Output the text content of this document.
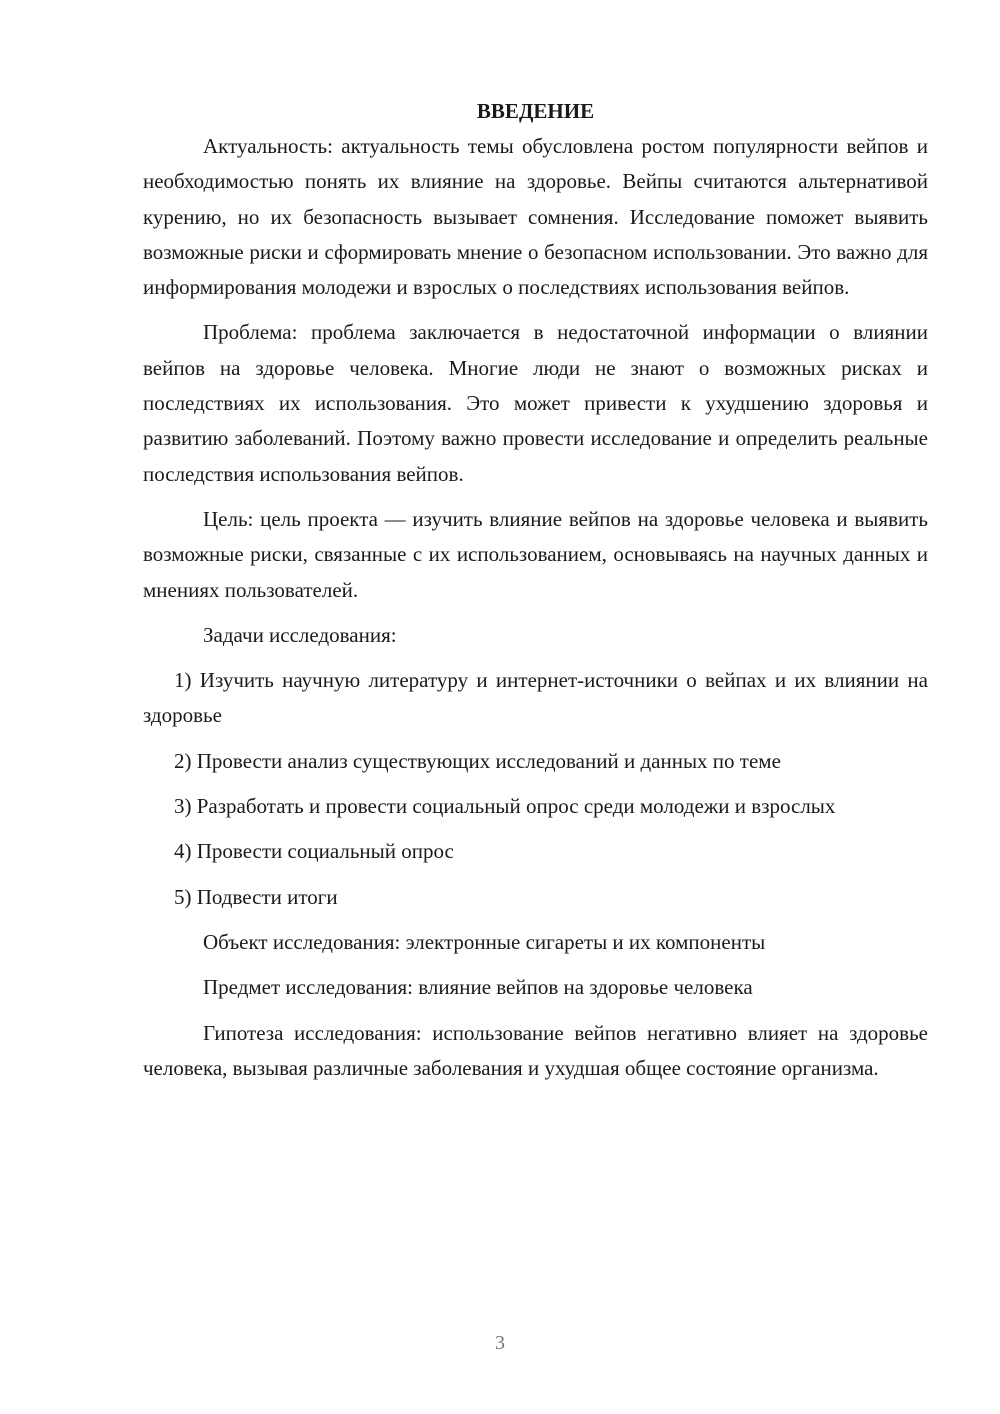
ВВЕДЕНИЕ

Актуальность: актуальность темы обусловлена ростом популярности вейпов и необходимостью понять их влияние на здоровье. Вейпы считаются альтернативой курению, но их безопасность вызывает сомнения. Исследование поможет выявить возможные риски и сформировать мнение о безопасном использовании. Это важно для информирования молодежи и взрослых о последствиях использования вейпов.

Проблема: проблема заключается в недостаточной информации о влиянии вейпов на здоровье человека. Многие люди не знают о возможных рисках и последствиях их использования. Это может привести к ухудшению здоровья и развитию заболеваний. Поэтому важно провести исследование и определить реальные последствия использования вейпов.

Цель: цель проекта — изучить влияние вейпов на здоровье человека и выявить возможные риски, связанные с их использованием, основываясь на научных данных и мнениях пользователей.

Задачи исследования:

1) Изучить научную литературу и интернет-источники о вейпах и их влиянии на здоровье

2) Провести анализ существующих исследований и данных по теме

3) Разработать и провести социальный опрос среди молодежи и взрослых

4) Провести социальный опрос

5) Подвести итоги

Объект исследования: электронные сигареты и их компоненты

Предмет исследования: влияние вейпов на здоровье человека

Гипотеза исследования: использование вейпов негативно влияет на здоровье человека, вызывая различные заболевания и ухудшая общее состояние организма.

3
